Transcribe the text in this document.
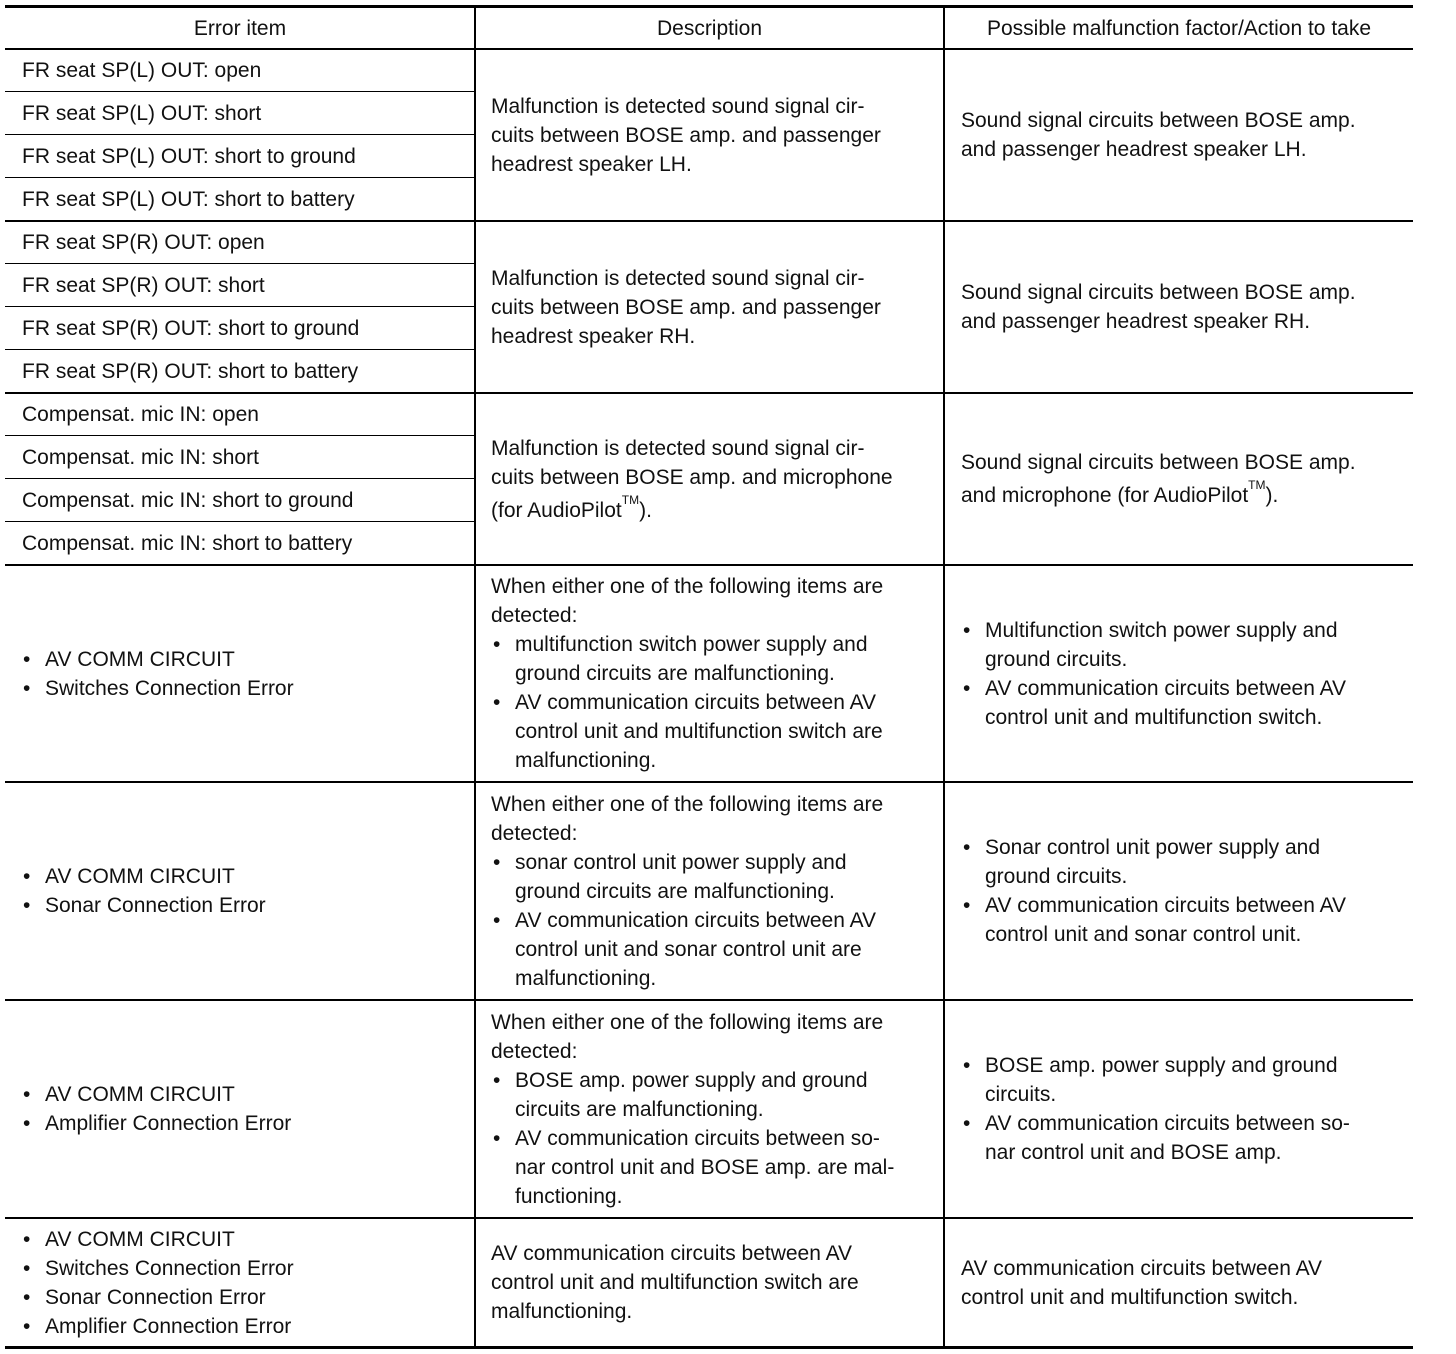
Error item	Description	Possible malfunction factor/Action to take
FR seat SP(L) OUT: open
FR seat SP(L) OUT: short
FR seat SP(L) OUT: short to ground
FR seat SP(L) OUT: short to battery
Malfunction is detected sound signal cir-
cuits between BOSE amp. and passenger
headrest speaker LH.
Sound signal circuits between BOSE amp.
and passenger headrest speaker LH.
FR seat SP(R) OUT: open
FR seat SP(R) OUT: short
FR seat SP(R) OUT: short to ground
FR seat SP(R) OUT: short to battery
Malfunction is detected sound signal cir-
cuits between BOSE amp. and passenger
headrest speaker RH.
Sound signal circuits between BOSE amp.
and passenger headrest speaker RH.
Compensat. mic IN: open
Compensat. mic IN: short
Compensat. mic IN: short to ground
Compensat. mic IN: short to battery
Malfunction is detected sound signal cir-
cuits between BOSE amp. and microphone
(for AudioPilot™).
Sound signal circuits between BOSE amp.
and microphone (for AudioPilot™).
• AV COMM CIRCUIT
• Switches Connection Error
When either one of the following items are
detected:
• multifunction switch power supply and
ground circuits are malfunctioning.
• AV communication circuits between AV
control unit and multifunction switch are
malfunctioning.
• Multifunction switch power supply and
ground circuits.
• AV communication circuits between AV
control unit and multifunction switch.
• AV COMM CIRCUIT
• Sonar Connection Error
When either one of the following items are
detected:
• sonar control unit power supply and
ground circuits are malfunctioning.
• AV communication circuits between AV
control unit and sonar control unit are
malfunctioning.
• Sonar control unit power supply and
ground circuits.
• AV communication circuits between AV
control unit and sonar control unit.
• AV COMM CIRCUIT
• Amplifier Connection Error
When either one of the following items are
detected:
• BOSE amp. power supply and ground
circuits are malfunctioning.
• AV communication circuits between so-
nar control unit and BOSE amp. are mal-
functioning.
• BOSE amp. power supply and ground
circuits.
• AV communication circuits between so-
nar control unit and BOSE amp.
• AV COMM CIRCUIT
• Switches Connection Error
• Sonar Connection Error
• Amplifier Connection Error
AV communication circuits between AV
control unit and multifunction switch are
malfunctioning.
AV communication circuits between AV
control unit and multifunction switch.
